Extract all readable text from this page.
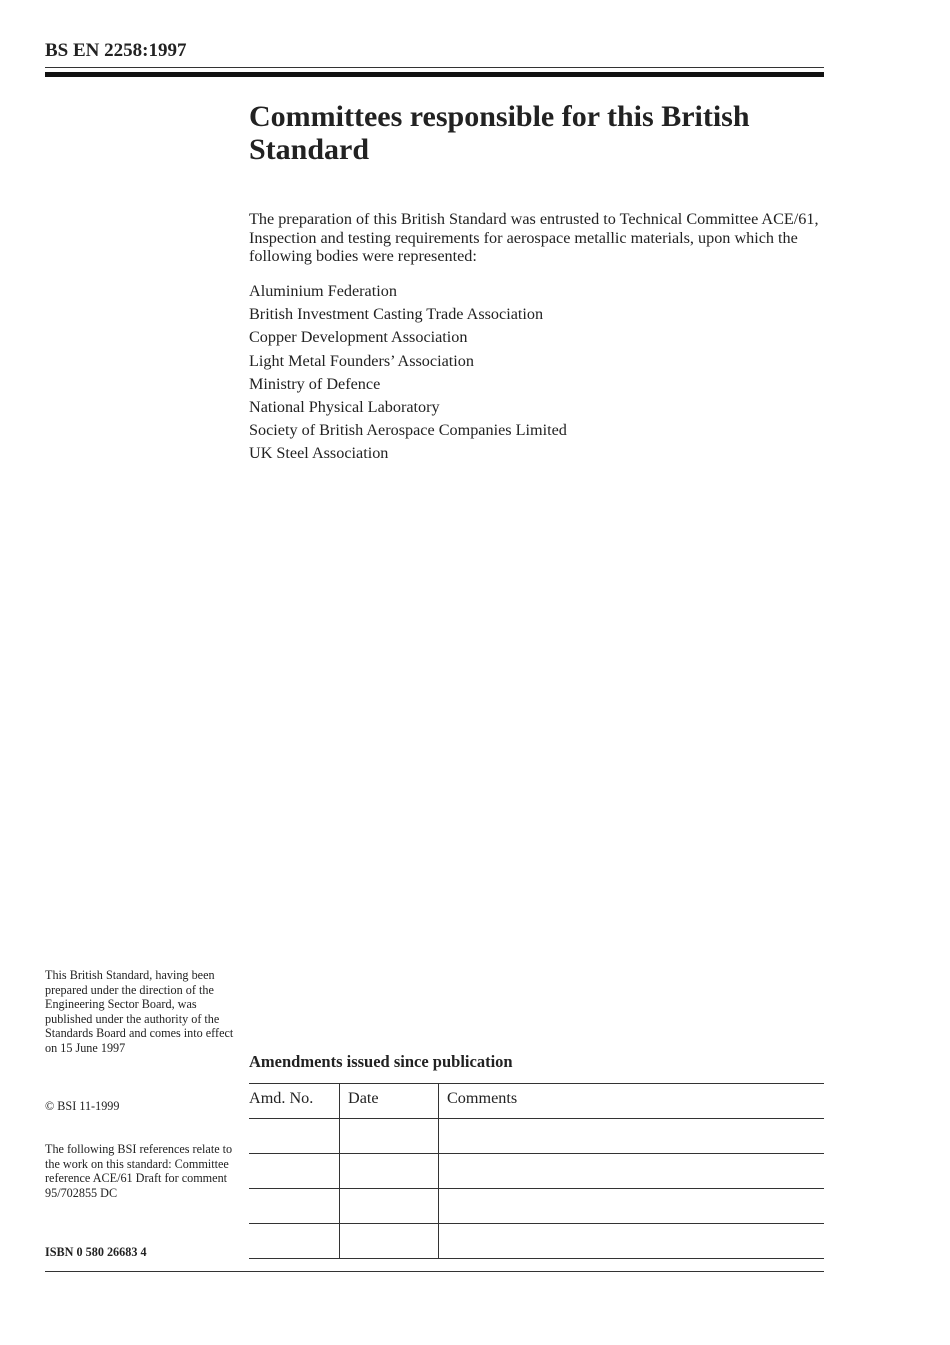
BS EN 2258:1997
Committees responsible for this British Standard

The preparation of this British Standard was entrusted to Technical Committee ACE/61, Inspection and testing requirements for aerospace metallic materials, upon which the following bodies were represented:

Aluminium Federation
British Investment Casting Trade Association
Copper Development Association
Light Metal Founders’ Association
Ministry of Defence
National Physical Laboratory
Society of British Aerospace Companies Limited
UK Steel Association

This British Standard, having been prepared under the direction of the Engineering Sector Board, was published under the authority of the Standards Board and comes into effect on 15 June 1997

© BSI 11-1999

The following BSI references relate to the work on this standard: Committee reference ACE/61 Draft for comment 95/702855 DC

ISBN 0 580 26683 4

Amendments issued since publication
Amd. No.	Date	Comments
